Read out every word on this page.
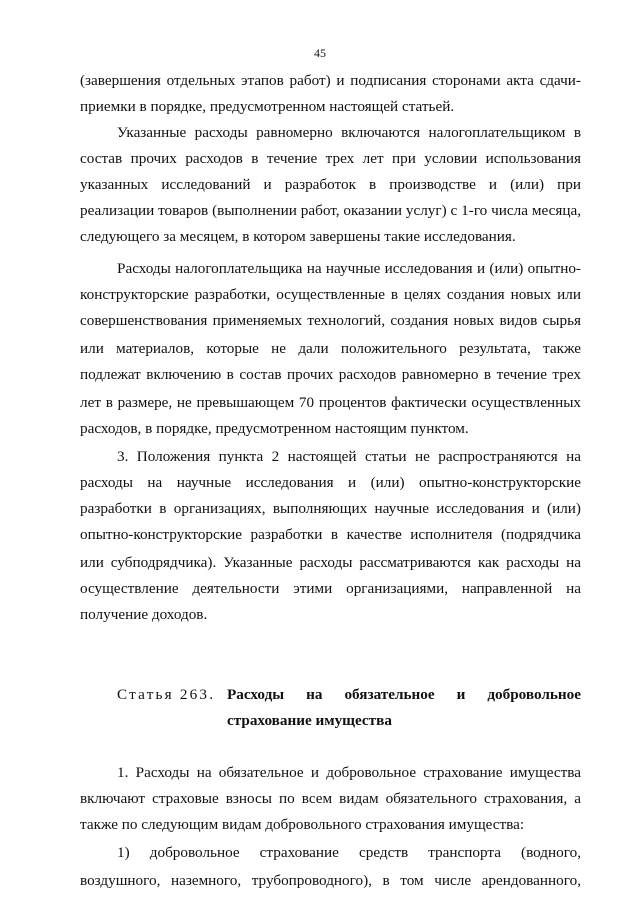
45
(завершения отдельных этапов работ) и подписания сторонами акта сдачи-
приемки в порядке, предусмотренном настоящей статьей.
Указанные расходы равномерно включаются налогоплательщиком в
состав прочих расходов в течение трех лет при условии использования
указанных исследований и разработок в производстве и (или) при
реализации товаров (выполнении работ, оказании услуг) с 1-го числа месяца,
следующего за месяцем, в котором завершены такие исследования.
Расходы налогоплательщика на научные исследования и (или) опытно-
конструкторские разработки, осуществленные в целях создания новых или
совершенствования применяемых технологий, создания новых видов сырья
или материалов, которые не дали положительного результата, также
подлежат включению в состав прочих расходов равномерно в течение трех
лет в размере, не превышающем 70 процентов фактически осуществленных
расходов, в порядке, предусмотренном настоящим пунктом.
3. Положения пункта 2 настоящей статьи не распространяются на
расходы на научные исследования и (или) опытно-конструкторские
разработки в организациях, выполняющих научные исследования и (или)
опытно-конструкторские разработки в качестве исполнителя (подрядчика
или субподрядчика). Указанные расходы рассматриваются как расходы на
осуществление деятельности этими организациями, направленной на
получение доходов.
Статья 263. Расходы на обязательное и добровольное
страхование имущества
1. Расходы на обязательное и добровольное страхование имущества
включают страховые взносы по всем видам обязательного страхования, а
также по следующим видам добровольного страхования имущества:
1) добровольное страхование средств транспорта (водного,
воздушного, наземного, трубопроводного), в том числе арендованного,
